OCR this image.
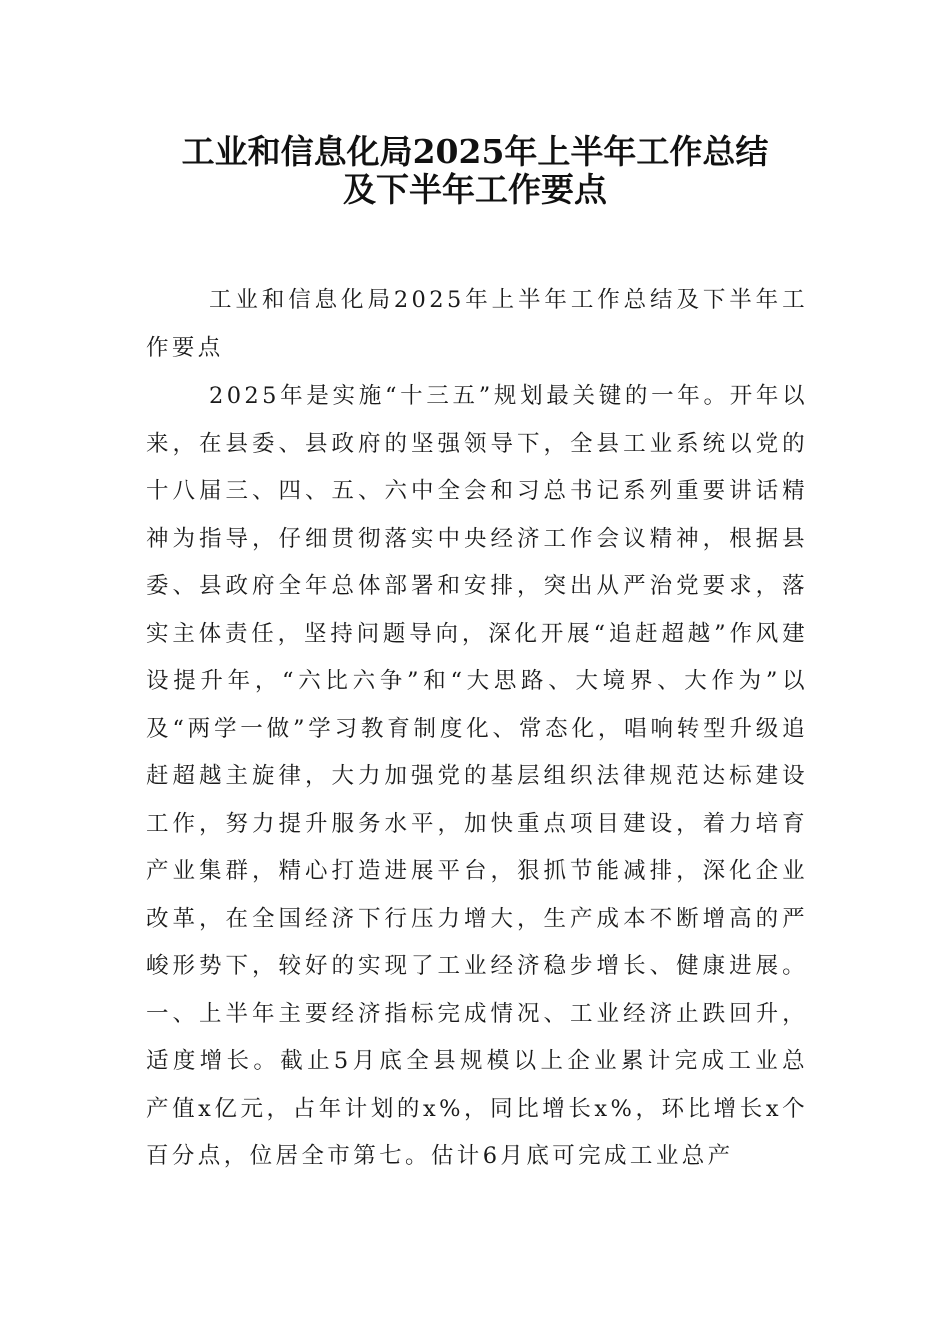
工业和信息化局2025年上半年工作总结
及下半年工作要点

工业和信息化局2025年上半年工作总结及下半年工作要点

2025年是实施“十三五”规划最关键的一年。开年以来，在县委、县政府的坚强领导下，全县工业系统以党的十八届三、四、五、六中全会和习总书记系列重要讲话精神为指导，仔细贯彻落实中央经济工作会议精神，根据县委、县政府全年总体部署和安排，突出从严治党要求，落实主体责任，坚持问题导向，深化开展“追赶超越”作风建设提升年，“六比六争”和“大思路、大境界、大作为”以及“两学一做”学习教育制度化、常态化，唱响转型升级追赶超越主旋律，大力加强党的基层组织法律规范达标建设工作，努力提升服务水平，加快重点项目建设，着力培育产业集群，精心打造进展平台，狠抓节能减排，深化企业改革，在全国经济下行压力增大，生产成本不断增高的严峻形势下，较好的实现了工业经济稳步增长、健康进展。一、上半年主要经济指标完成情况、工业经济止跌回升，适度增长。截止5月底全县规模以上企业累计完成工业总产值x亿元，占年计划的x%，同比增长x%，环比增长x个百分点，位居全市第七。估计6月底可完成工业总产
